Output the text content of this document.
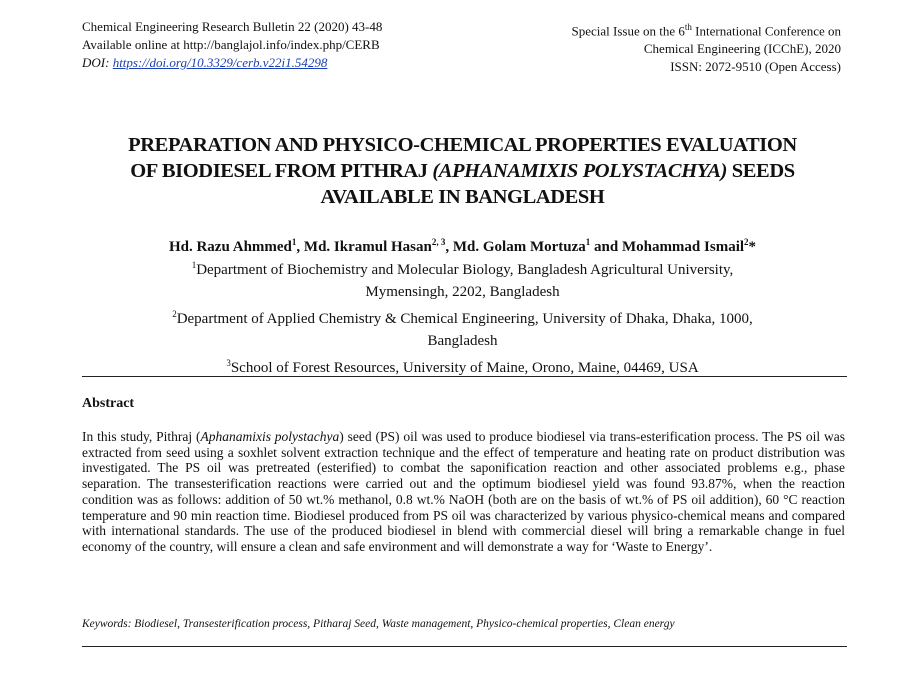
Chemical Engineering Research Bulletin 22 (2020) 43-48
Available online at http://banglajol.info/index.php/CERB
DOI: https://doi.org/10.3329/cerb.v22i1.54298
Special Issue on the 6th International Conference on
Chemical Engineering (ICChE), 2020
ISSN: 2072-9510 (Open Access)
PREPARATION AND PHYSICO-CHEMICAL PROPERTIES EVALUATION
OF BIODIESEL FROM PITHRAJ (APHANAMIXIS POLYSTACHYA) SEEDS
AVAILABLE IN BANGLADESH
Hd. Razu Ahmmed$^1$, Md. Ikramul Hasan$^{2, 3}$, Md. Golam Mortuza$^1$ and Mohammad Ismail$^2$*
$^1$Department of Biochemistry and Molecular Biology, Bangladesh Agricultural University,
Mymensingh, 2202, Bangladesh
$^2$Department of Applied Chemistry & Chemical Engineering, University of Dhaka, Dhaka, 1000,
Bangladesh
$^3$School of Forest Resources, University of Maine, Orono, Maine, 04469, USA
Abstract

In this study, Pithraj (Aphanamixis polystachya) seed (PS) oil was used to produce biodiesel via trans-esterification process. The PS oil was extracted from seed using a soxhlet solvent extraction technique and the effect of temperature and heating rate on product distribution was investigated. The PS oil was pretreated (esterified) to combat the saponification reaction and other associated problems e.g., phase separation. The transesterification reactions were carried out and the optimum biodiesel yield was found 93.87%, when the reaction condition was as follows: addition of 50 wt.% methanol, 0.8 wt.% NaOH (both are on the basis of wt.% of PS oil addition), 60 °C reaction temperature and 90 min reaction time. Biodiesel produced from PS oil was characterized by various physico-chemical means and compared with international standards. The use of the produced biodiesel in blend with commercial diesel will bring a remarkable change in fuel economy of the country, will ensure a clean and safe environment and will demonstrate a way for ‘Waste to Energy’.

Keywords: Biodiesel, Transesterification process, Pitharaj Seed, Waste management, Physico-chemical properties, Clean energy
